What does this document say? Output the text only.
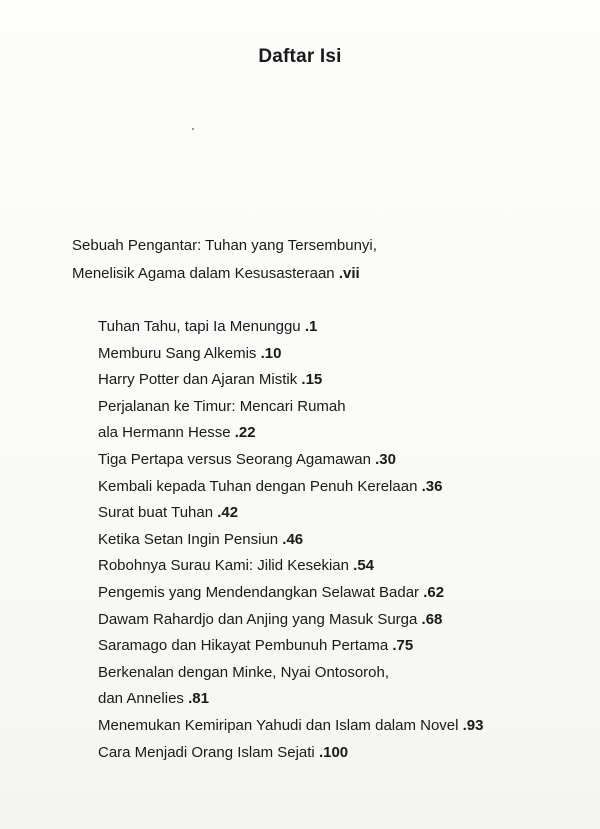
Daftar Isi
Sebuah Pengantar: Tuhan yang Tersembunyi,
Menelisik Agama dalam Kesusasteraan .vii
Tuhan Tahu, tapi Ia Menunggu .1
Memburu Sang Alkemis .10
Harry Potter dan Ajaran Mistik .15
Perjalanan ke Timur: Mencari Rumah
ala Hermann Hesse .22
Tiga Pertapa versus Seorang Agamawan .30
Kembali kepada Tuhan dengan Penuh Kerelaan .36
Surat buat Tuhan .42
Ketika Setan Ingin Pensiun .46
Robohnya Surau Kami: Jilid Kesekian .54
Pengemis yang Mendendangkan Selawat Badar .62
Dawam Rahardjo dan Anjing yang Masuk Surga .68
Saramago dan Hikayat Pembunuh Pertama .75
Berkenalan dengan Minke, Nyai Ontosoroh,
dan Annelies .81
Menemukan Kemiripan Yahudi dan Islam dalam Novel .93
Cara Menjadi Orang Islam Sejati .100
